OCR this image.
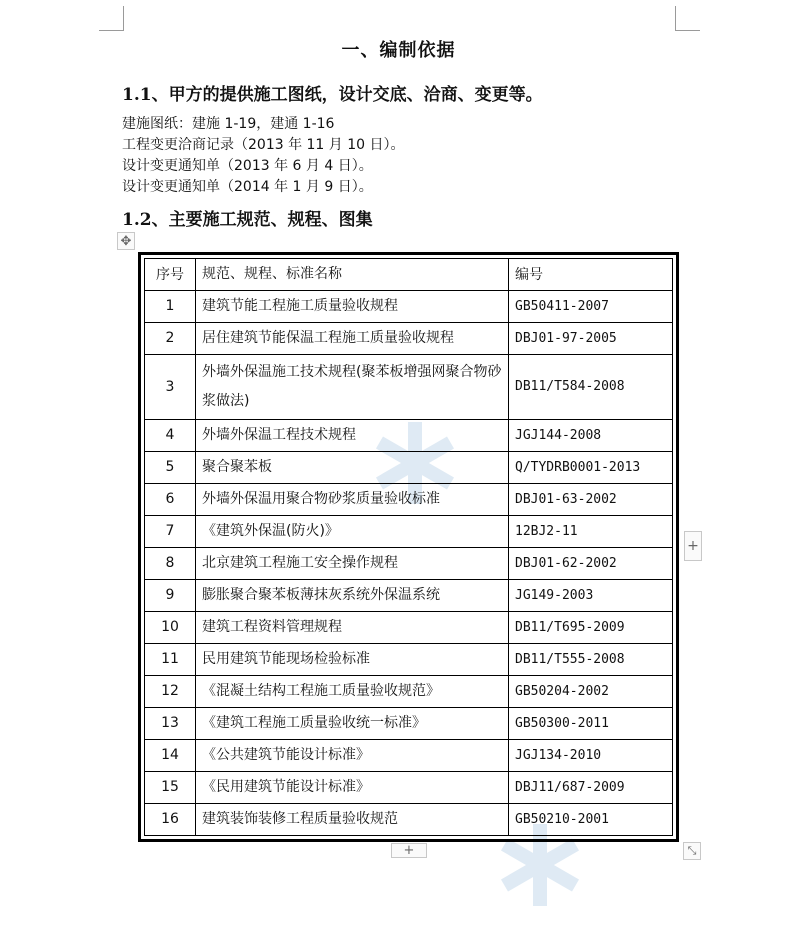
一、编制依据
1.1、甲方的提供施工图纸，设计交底、洽商、变更等。
建施图纸：建施 1-19，建通 1-16
工程变更洽商记录（2013 年 11 月 10 日）。
设计变更通知单（2013 年 6 月 4 日）。
设计变更通知单（2014 年 1 月 9 日）。
1.2、主要施工规范、规程、图集
✥
序号	规范、规程、标准名称	编号
1	建筑节能工程施工质量验收规程	GB50411-2007
2	居住建筑节能保温工程施工质量验收规程	DBJ01-97-2005
3	外墙外保温施工技术规程(聚苯板增强网聚合物砂浆做法)	DB11/T584-2008
4	外墙外保温工程技术规程	JGJ144-2008
5	聚合聚苯板	Q/TYDRB0001-2013
6	外墙外保温用聚合物砂浆质量验收标准	DBJ01-63-2002
7	《建筑外保温(防火)》	12BJ2-11
8	北京建筑工程施工安全操作规程	DBJ01-62-2002
9	膨胀聚合聚苯板薄抹灰系统外保温系统	JG149-2003
10	建筑工程资料管理规程	DB11/T695-2009
11	民用建筑节能现场检验标准	DB11/T555-2008
12	《混凝土结构工程施工质量验收规范》	GB50204-2002
13	《建筑工程施工质量验收统一标准》	GB50300-2011
14	《公共建筑节能设计标准》	JGJ134-2010
15	《民用建筑节能设计标准》	DBJ11/687-2009
16	建筑装饰装修工程质量验收规范	GB50210-2001
+
+	⤡
